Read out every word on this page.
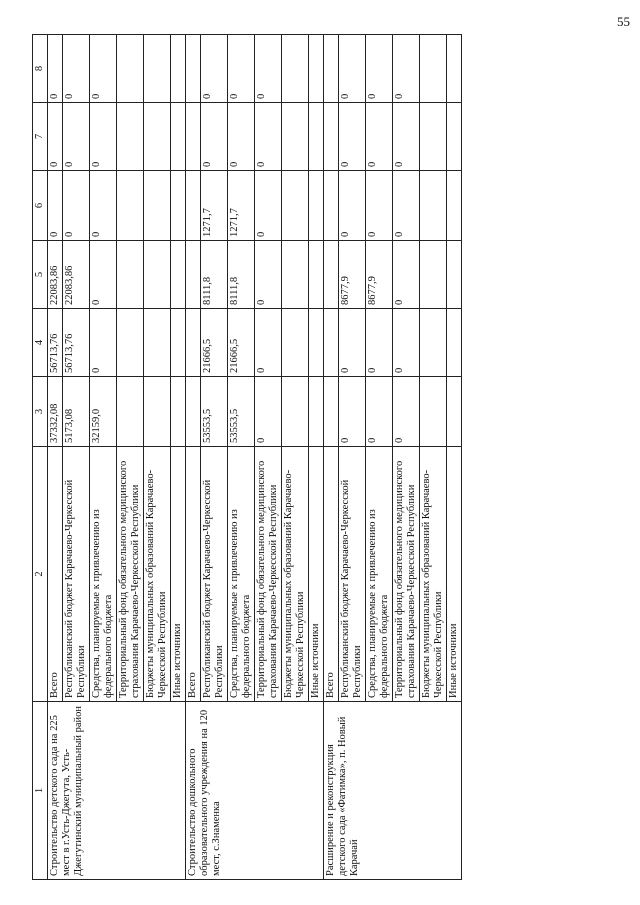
55
1	2	3	4	5	6	7	8
Строительство детского сада на 225 мест в г.Усть-Джегута, Усть-Джегутинский муниципальный район	Всего	37332,08	56713,76	22083,86	0	0	0
	Республиканский бюджет Карачаево-Черкесской Республики	5173,08	56713,76	22083,86	0	0	0
	Средства, планируемые к привлечению из федерального бюджета	32159,0	0	0	0	0	0
	Территориальный фонд обязательного медицинского страхования Карачаево-Черкесской Республики						
	Бюджеты муниципальных образований Карачаево-Черкесской Республики						
	Иные источники						
Строительство дошкольного образовательного учреждения на 120 мест, с.Знаменка	Всего						
	Республиканский бюджет Карачаево-Черкесской Республики	53553,5	21666,5	8111,8	1271,7	0	0
	Средства, планируемые к привлечению из федерального бюджета	53553,5	21666,5	8111,8	1271,7	0	0
	Территориальный фонд обязательного медицинского страхования Карачаево-Черкесской Республики	0	0	0	0	0	0
	Бюджеты муниципальных образований Карачаево-Черкесской Республики						
	Иные источники						
Расширение и реконструкция детского сада «Фатимка», п. Новый Карачай	Всего						
	Республиканский бюджет Карачаево-Черкесской Республики	0	0	8677,9	0	0	0
	Средства, планируемые к привлечению из федерального бюджета	0	0	8677,9	0	0	0
	Территориальный фонд обязательного медицинского страхования Карачаево-Черкесской Республики	0	0	0	0	0	0
	Бюджеты муниципальных образований Карачаево-Черкесской Республики						
	Иные источники						
